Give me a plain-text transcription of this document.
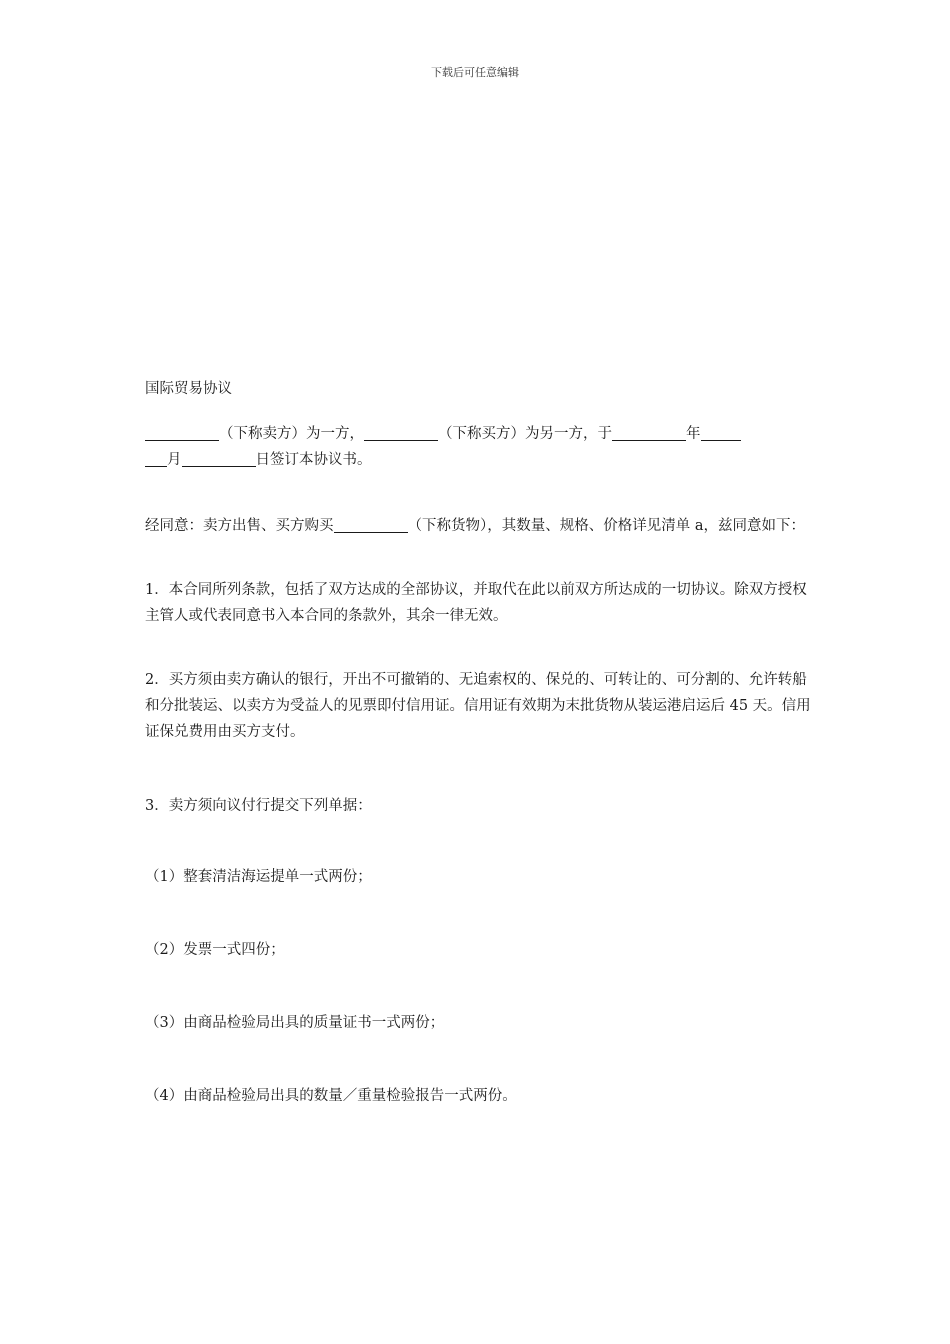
下载后可任意编辑

国际贸易协议

（下称卖方）为一方，	（下称买方）为另一方，于	年
月	日签订本协议书。

经同意：卖方出售、买方购买	（下称货物），其数量、规格、价格详见清单 a，兹同意如下：

1．本合同所列条款，包括了双方达成的全部协议，并取代在此以前双方所达成的一切协议。除双方授权主管人或代表同意书入本合同的条款外，其余一律无效。

2．买方须由卖方确认的银行，开出不可撤销的、无追索权的、保兑的、可转让的、可分割的、允许转船和分批装运、以卖方为受益人的见票即付信用证。信用证有效期为末批货物从装运港启运后 45 天。信用证保兑费用由买方支付。

3．卖方须向议付行提交下列单据：

（1）整套清洁海运提单一式两份；

（2）发票一式四份；

（3）由商品检验局出具的质量证书一式两份；

（4）由商品检验局出具的数量／重量检验报告一式两份。
